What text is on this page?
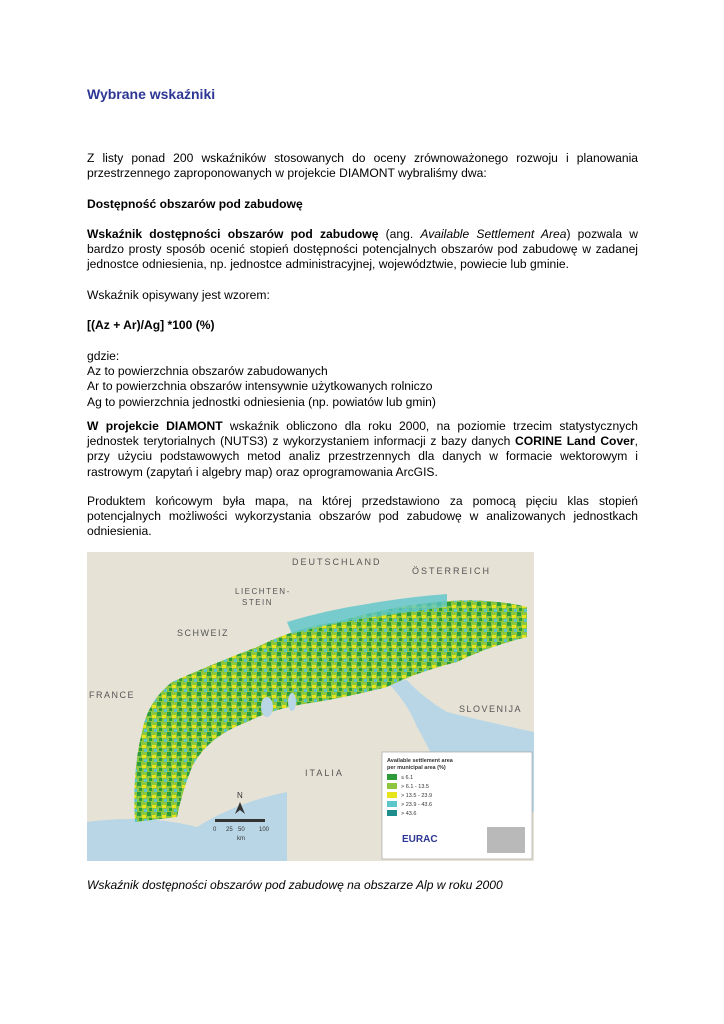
Wybrane wskaźniki

Z listy ponad 200 wskaźników stosowanych do oceny zrównoważonego rozwoju i planowania przestrzennego zaproponowanych w projekcie DIAMONT wybraliśmy dwa:

Dostępność obszarów pod zabudowę

Wskaźnik dostępności obszarów pod zabudowę (ang. Available Settlement Area) pozwala w bardzo prosty sposób ocenić stopień dostępności potencjalnych obszarów pod zabudowę w zadanej jednostce odniesienia, np. jednostce administracyjnej, województwie, powiecie lub gminie.

Wskaźnik opisywany jest wzorem:

[(Az + Ar)/Ag] *100 (%)

gdzie:
Az to powierzchnia obszarów zabudowanych
Ar to powierzchnia obszarów intensywnie użytkowanych rolniczo
Ag to powierzchnia jednostki odniesienia (np. powiatów lub gmin)

W projekcie DIAMONT wskaźnik obliczono dla roku 2000, na poziomie trzecim statystycznych jednostek terytorialnych (NUTS3) z wykorzystaniem informacji z bazy danych CORINE Land Cover, przy użyciu podstawowych metod analiz przestrzennych dla danych w formacie wektorowym i rastrowym (zapytań i algebry map) oraz oprogramowania ArcGIS.

Produktem końcowym była mapa, na której przedstawiono za pomocą pięciu klas stopień potencjalnych możliwości wykorzystania obszarów pod zabudowę w analizowanych jednostkach odniesienia.

DEUTSCHLAND
ÖSTERREICH
LIECHTEN-
STEIN
SCHWEIZ
FRANCE
SLOVENIJA
ITALIA
N
0 25 50 100
km
Available settlement area
per municipal area (%)
≤ 6.1
> 6.1 - 13.5
> 13.5 - 23.9
> 23.9 - 43.6
> 43.6
EURAC

Wskaźnik dostępności obszarów pod zabudowę na obszarze Alp w roku 2000
